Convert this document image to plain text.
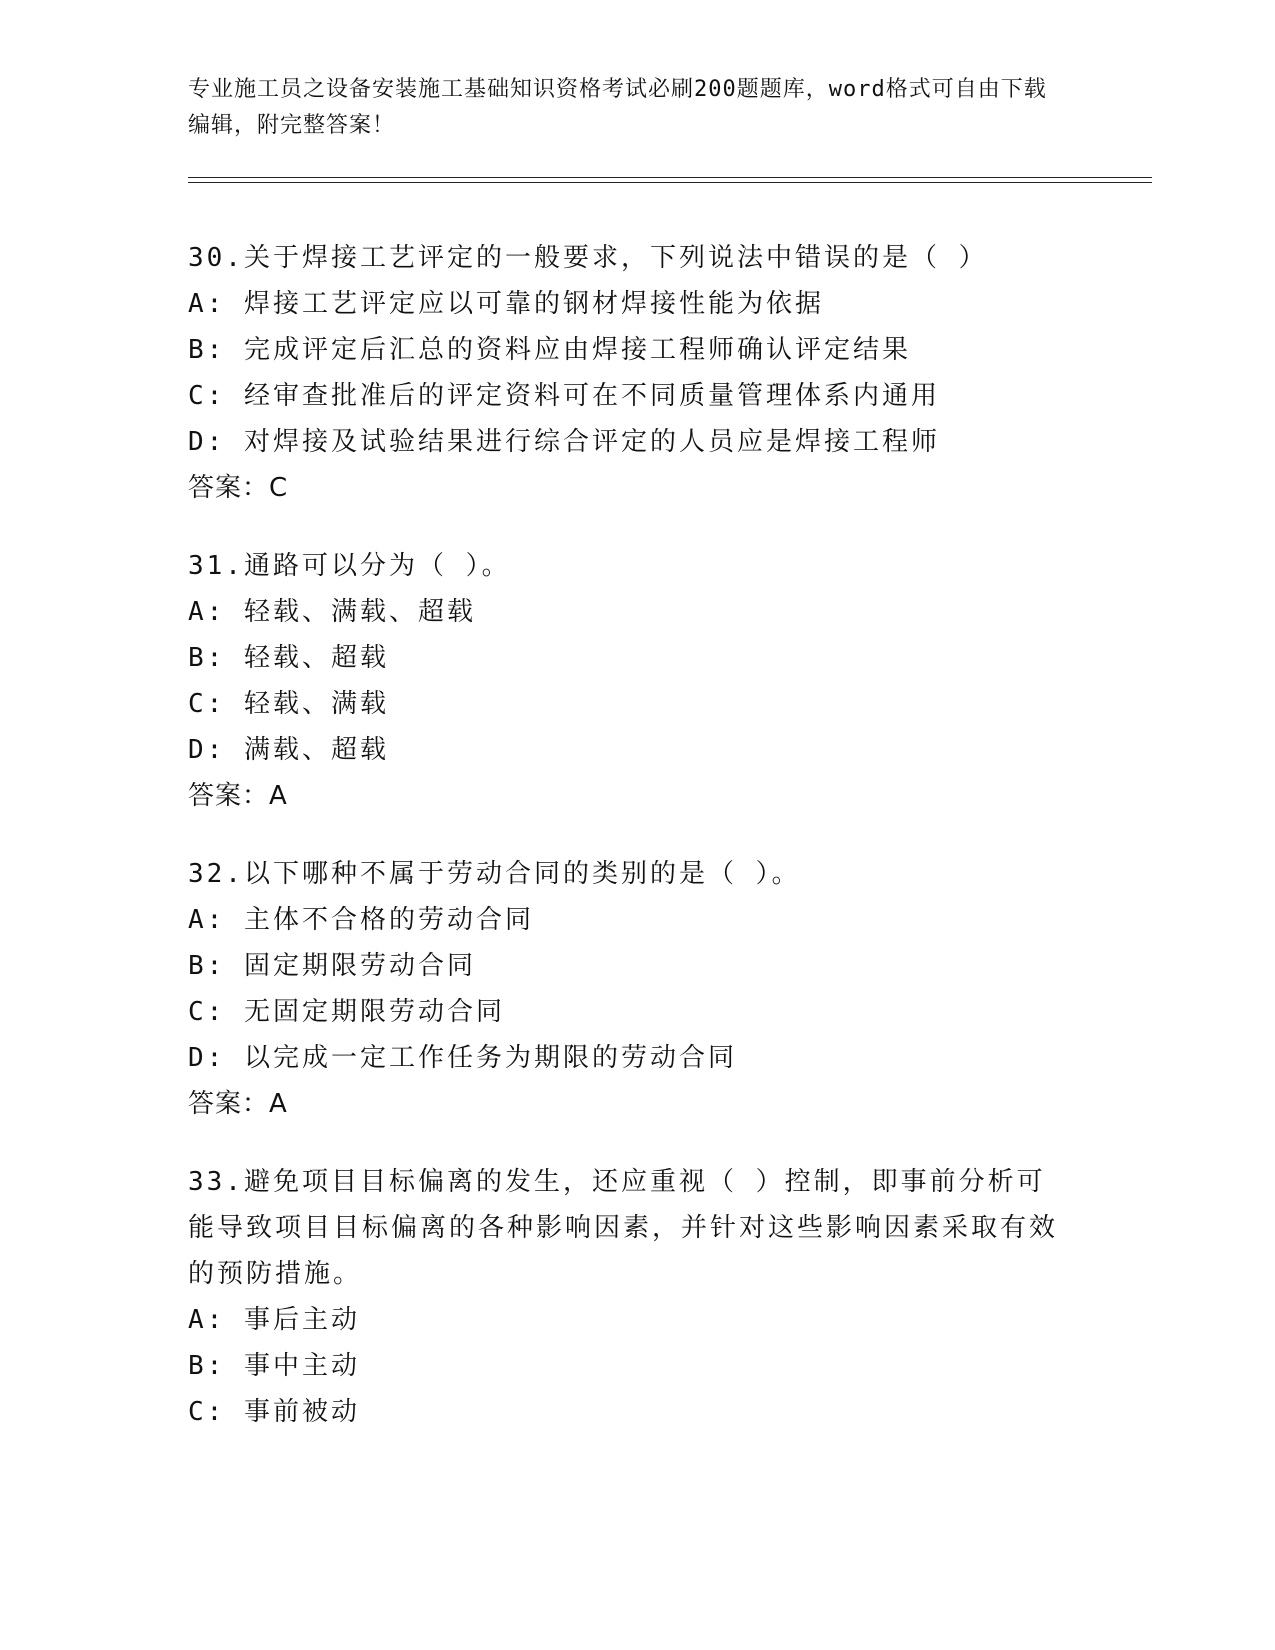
专业施工员之设备安装施工基础知识资格考试必刷200题题库，word格式可自由下载编辑，附完整答案！
30.关于焊接工艺评定的一般要求，下列说法中错误的是（ ）
A: 焊接工艺评定应以可靠的钢材焊接性能为依据
B: 完成评定后汇总的资料应由焊接工程师确认评定结果
C: 经审查批准后的评定资料可在不同质量管理体系内通用
D: 对焊接及试验结果进行综合评定的人员应是焊接工程师
答案：C
31.通路可以分为（ ）。
A: 轻载、满载、超载
B: 轻载、超载
C: 轻载、满载
D: 满载、超载
答案：A
32.以下哪种不属于劳动合同的类别的是（ ）。
A: 主体不合格的劳动合同
B: 固定期限劳动合同
C: 无固定期限劳动合同
D: 以完成一定工作任务为期限的劳动合同
答案：A
33.避免项目目标偏离的发生，还应重视（ ）控制，即事前分析可能导致项目目标偏离的各种影响因素，并针对这些影响因素采取有效的预防措施。
A: 事后主动
B: 事中主动
C: 事前被动
